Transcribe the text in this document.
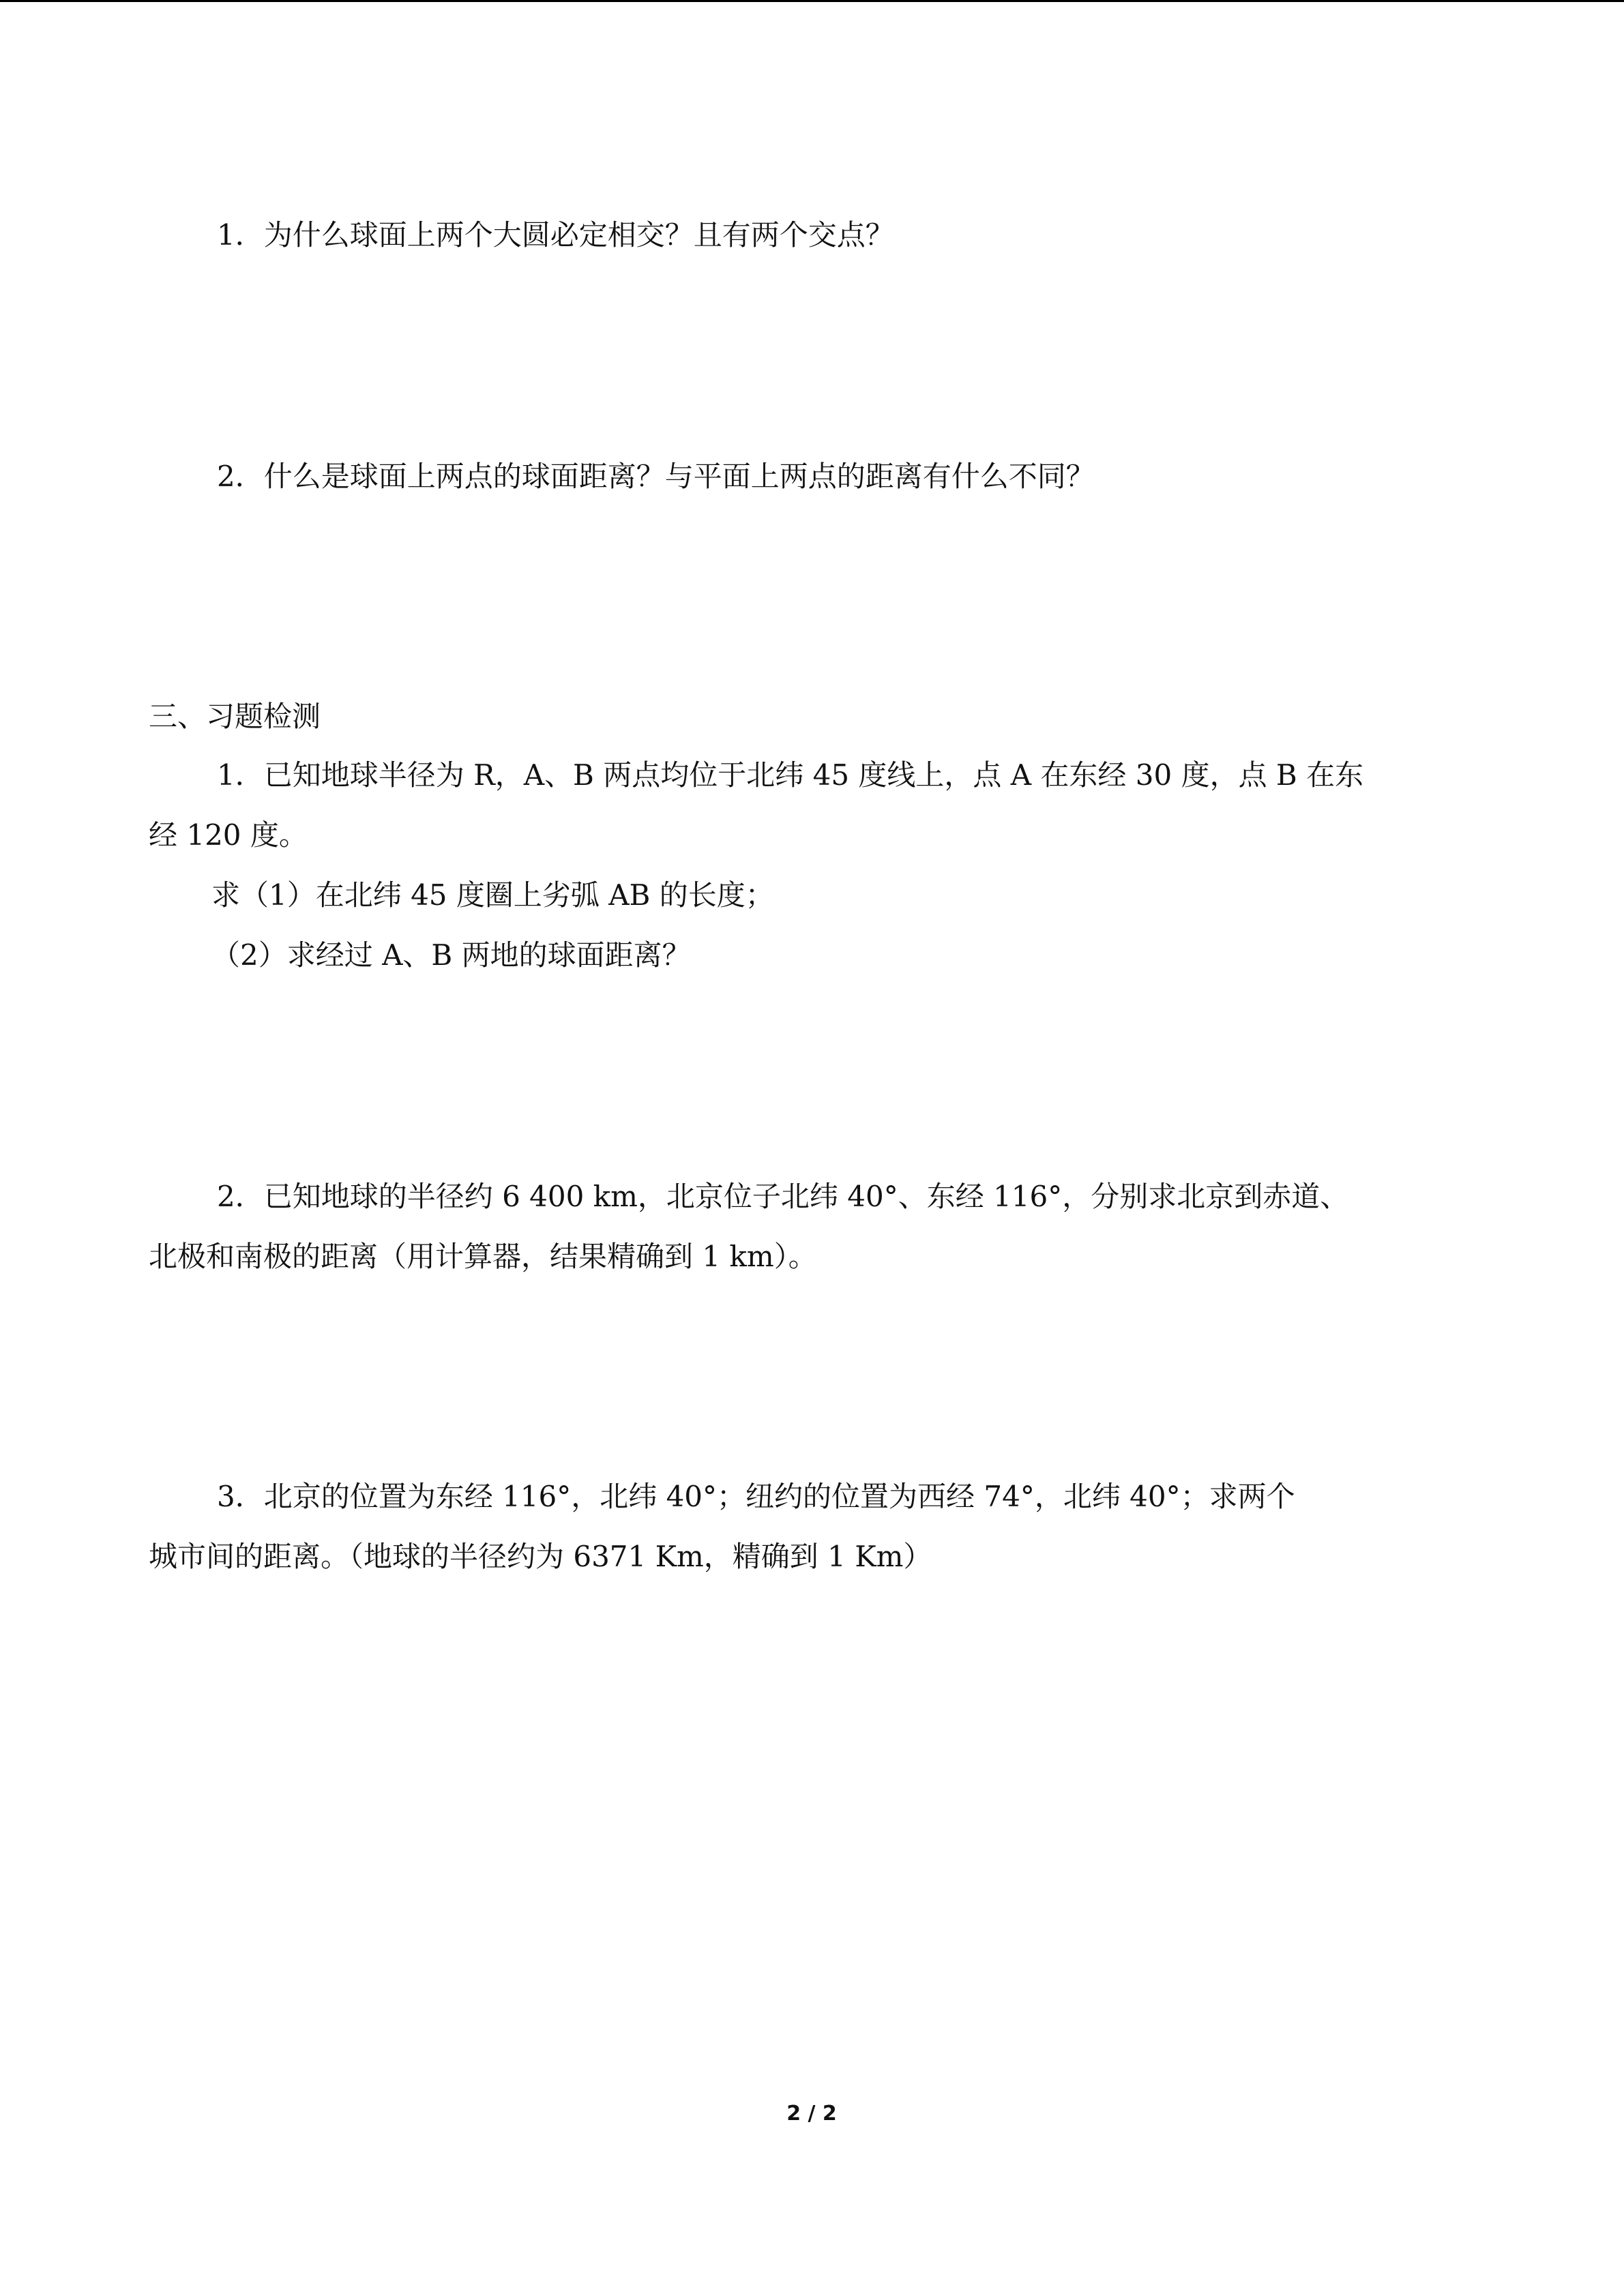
1．为什么球面上两个大圆必定相交？且有两个交点？
2．什么是球面上两点的球面距离？与平面上两点的距离有什么不同？
三、习题检测
1．已知地球半径为 R，A、B 两点均位于北纬 45 度线上，点 A 在东经 30 度，点 B 在东
经 120 度。
求（1）在北纬 45 度圈上劣弧 AB 的长度；
（2）求经过 A、B 两地的球面距离？
2．已知地球的半径约 6 400 km，北京位子北纬 40°、东经 116°，分别求北京到赤道、
北极和南极的距离（用计算器，结果精确到 1 km）。
3．北京的位置为东经 116°，北纬 40°；纽约的位置为西经 74°，北纬 40°；求两个
城市间的距离。（地球的半径约为 6371 Km，精确到 1 Km）
2 / 2
